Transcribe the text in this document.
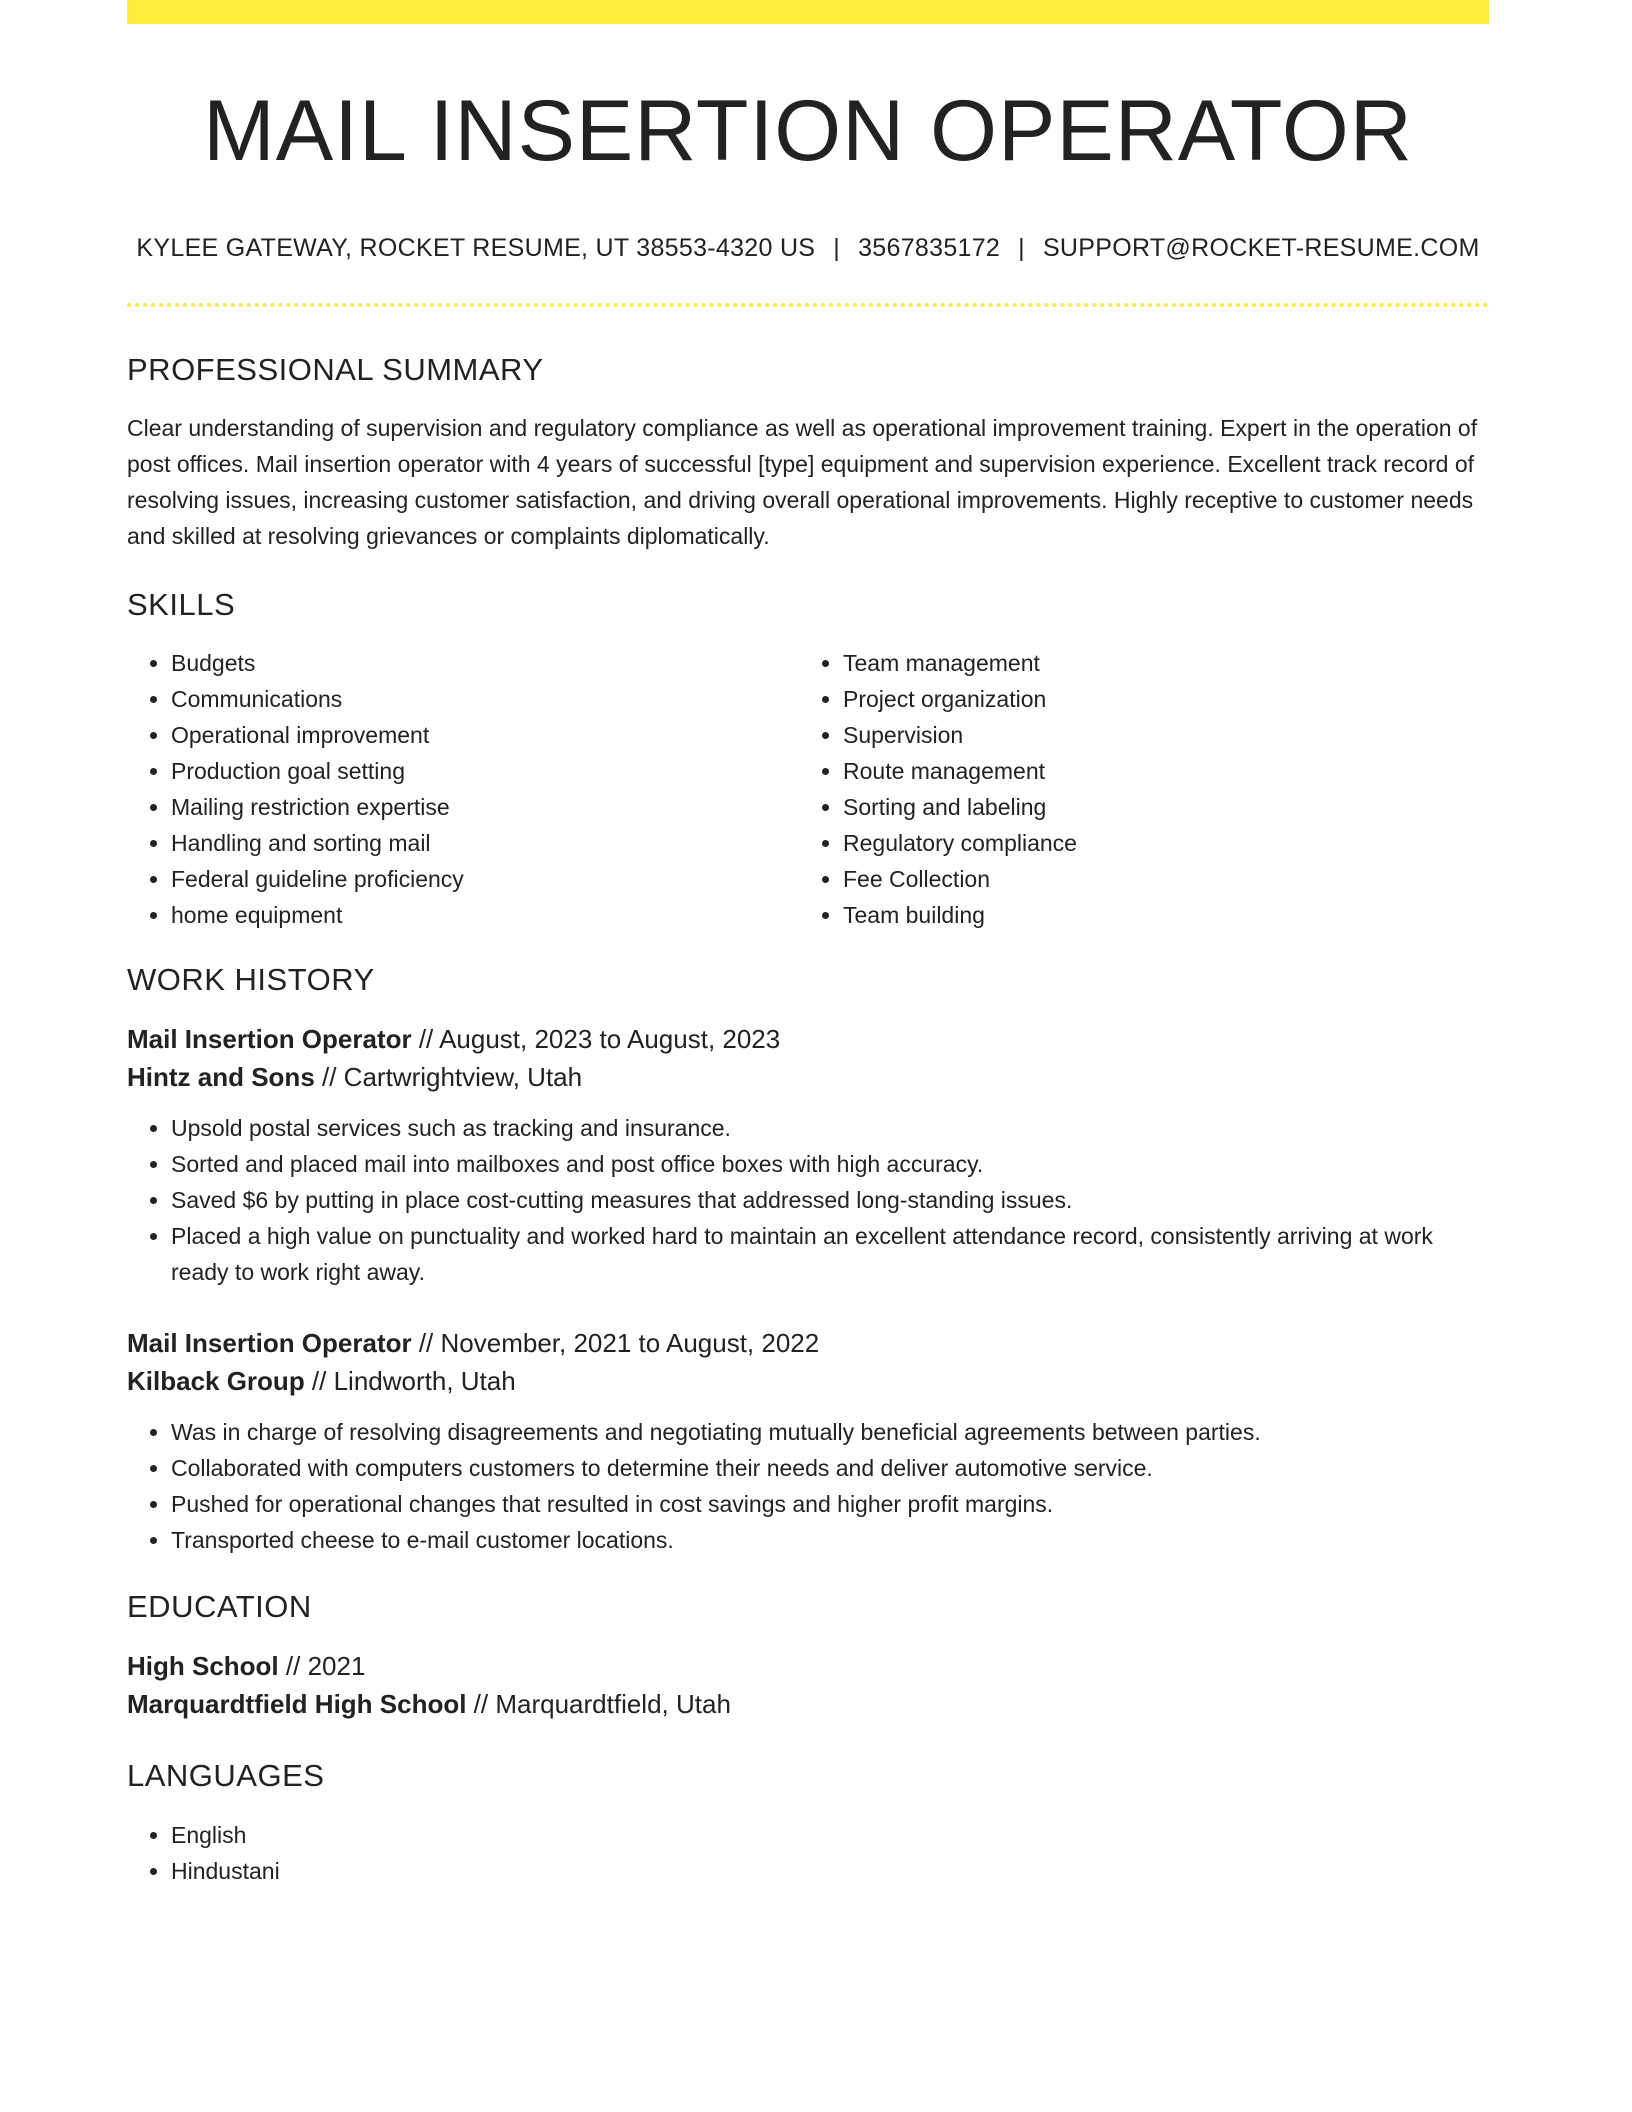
MAIL INSERTION OPERATOR
KYLEE GATEWAY, ROCKET RESUME, UT 38553-4320 US | 3567835172 | SUPPORT@ROCKET-RESUME.COM
PROFESSIONAL SUMMARY

Clear understanding of supervision and regulatory compliance as well as operational improvement training. Expert in the operation of post offices. Mail insertion operator with 4 years of successful [type] equipment and supervision experience. Excellent track record of resolving issues, increasing customer satisfaction, and driving overall operational improvements. Highly receptive to customer needs and skilled at resolving grievances or complaints diplomatically.

SKILLS
• Budgets
• Communications
• Operational improvement
• Production goal setting
• Mailing restriction expertise
• Handling and sorting mail
• Federal guideline proficiency
• home equipment
• Team management
• Project organization
• Supervision
• Route management
• Sorting and labeling
• Regulatory compliance
• Fee Collection
• Team building
WORK HISTORY
Mail Insertion Operator // August, 2023 to August, 2023
Hintz and Sons // Cartwrightview, Utah
• Upsold postal services such as tracking and insurance.
• Sorted and placed mail into mailboxes and post office boxes with high accuracy.
• Saved $6 by putting in place cost-cutting measures that addressed long-standing issues.
• Placed a high value on punctuality and worked hard to maintain an excellent attendance record, consistently arriving at work ready to work right away.
Mail Insertion Operator // November, 2021 to August, 2022
Kilback Group // Lindworth, Utah
• Was in charge of resolving disagreements and negotiating mutually beneficial agreements between parties.
• Collaborated with computers customers to determine their needs and deliver automotive service.
• Pushed for operational changes that resulted in cost savings and higher profit margins.
• Transported cheese to e-mail customer locations.
EDUCATION
High School // 2021
Marquardtfield High School // Marquardtfield, Utah
LANGUAGES
• English
• Hindustani
